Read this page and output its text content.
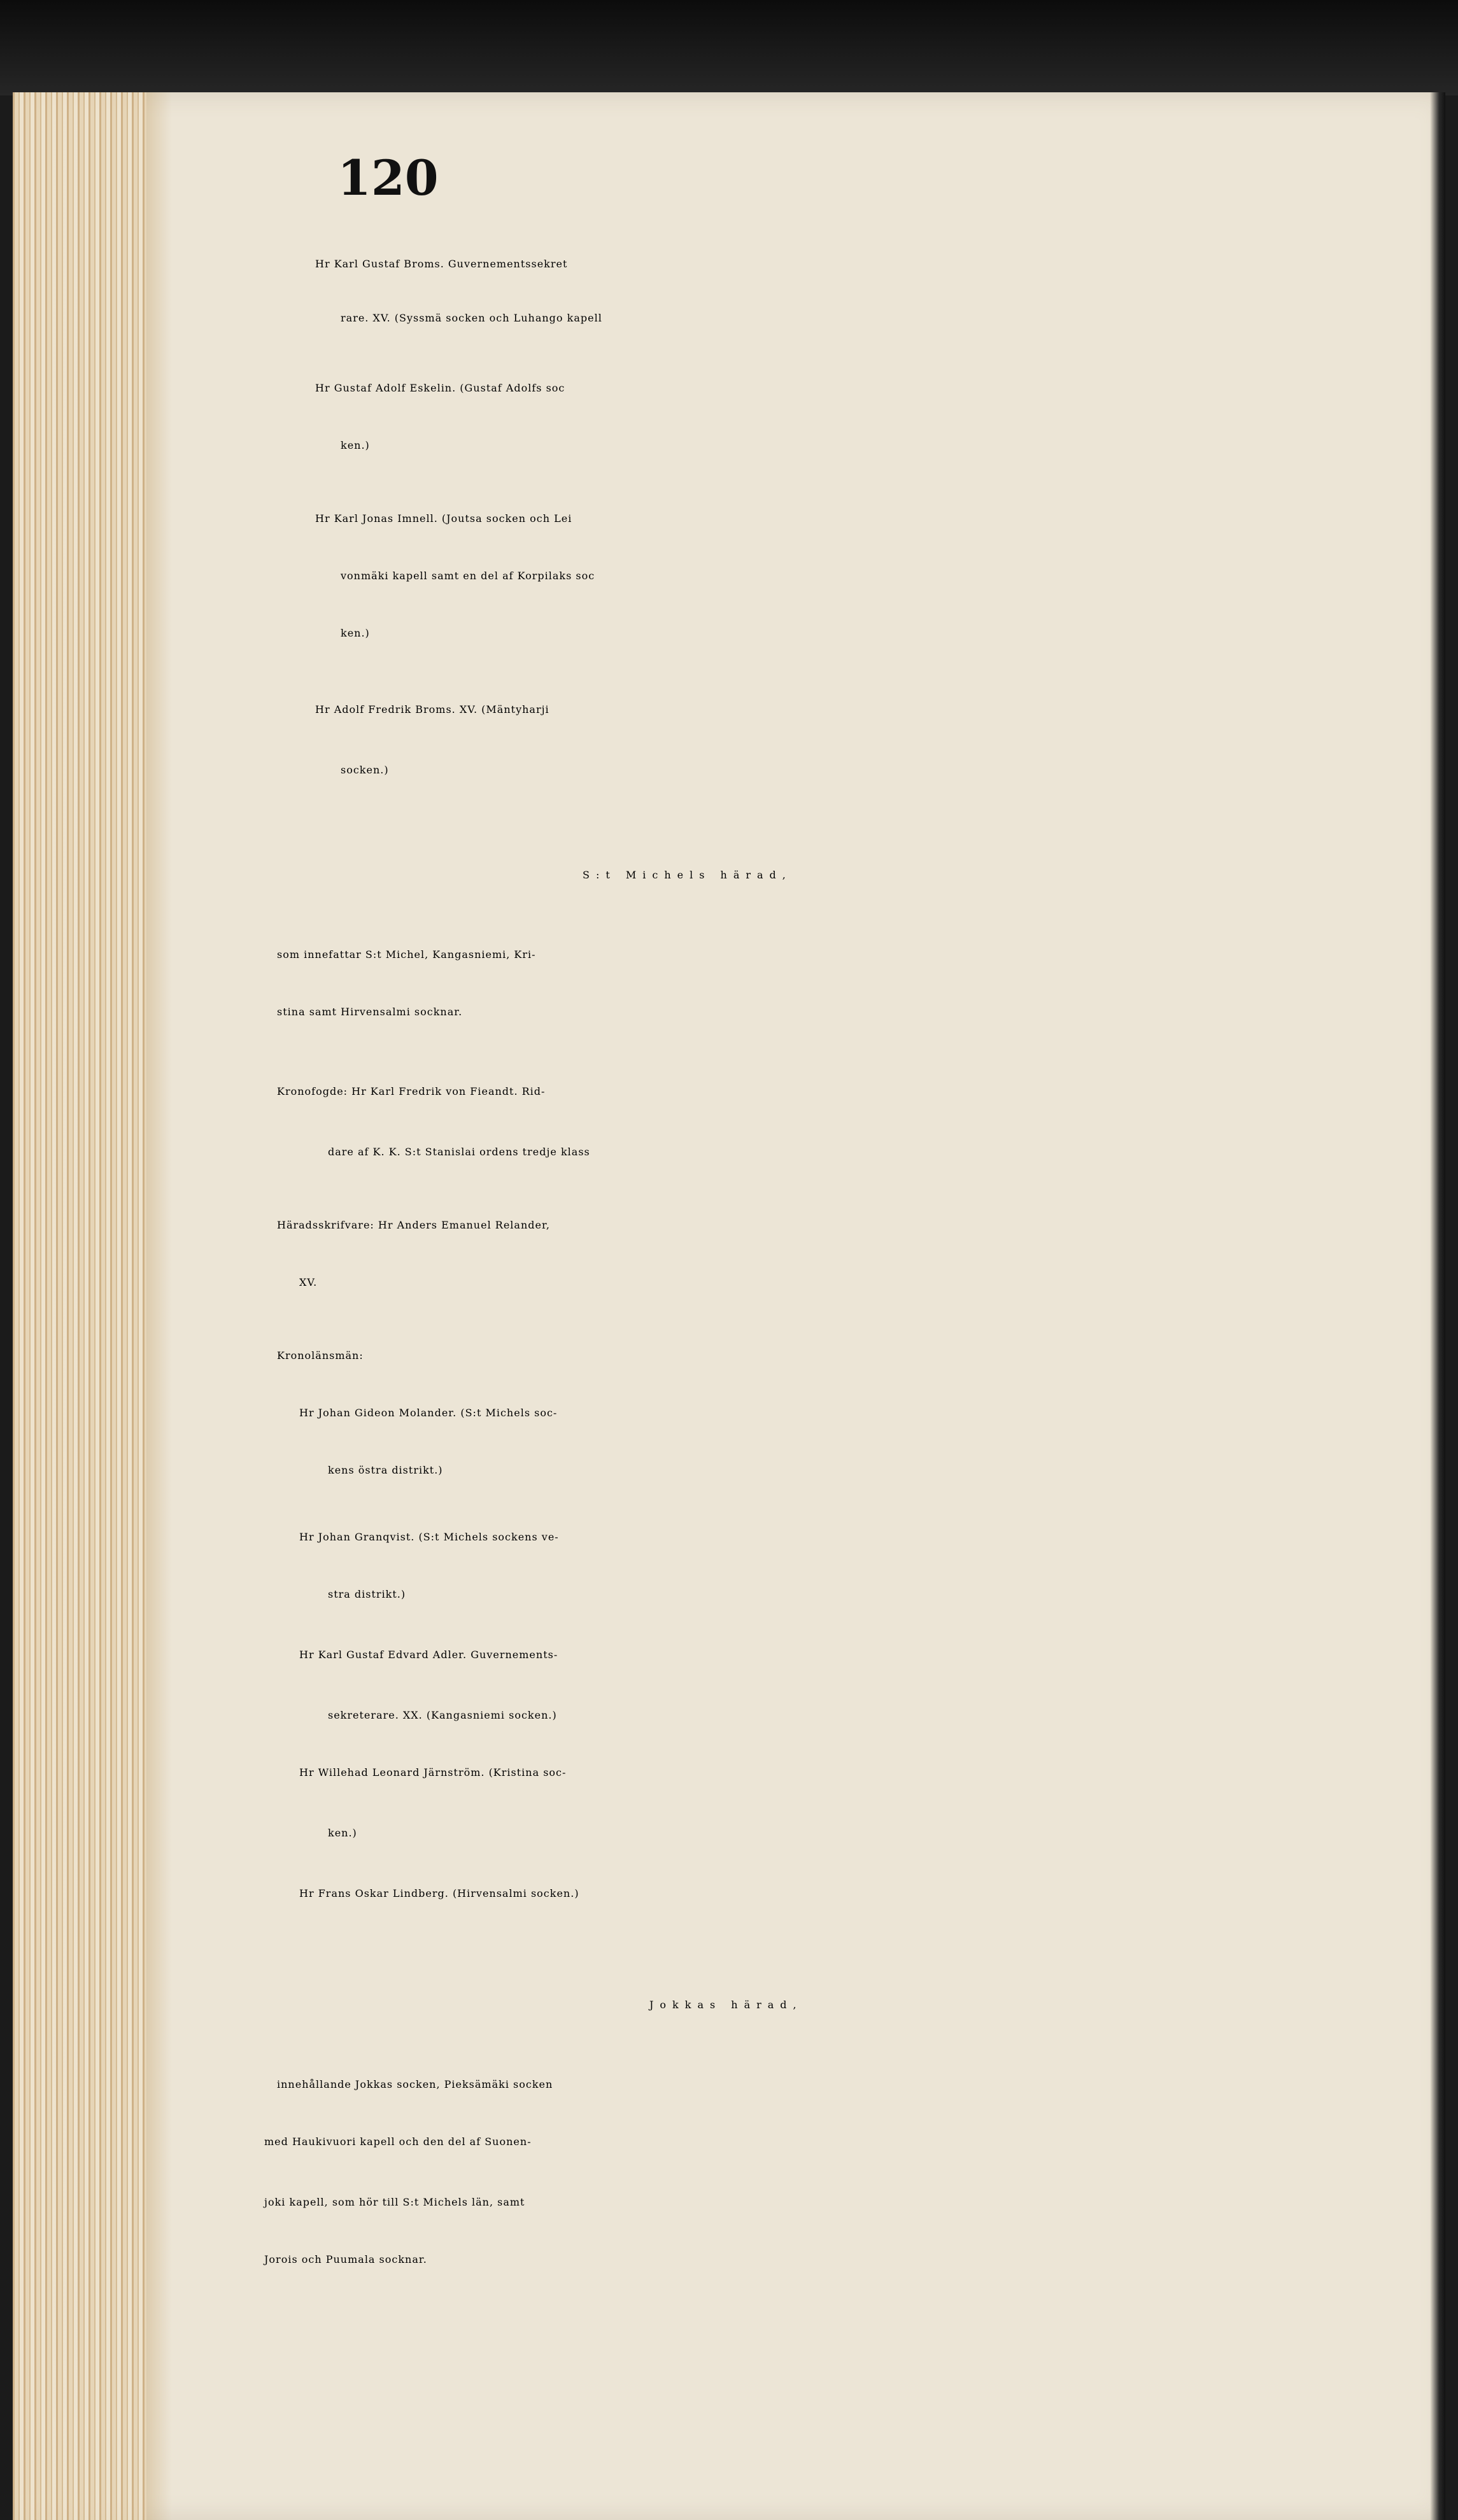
120
Hr Karl Gustaf Broms. Guvernementssekret
rare. XV. (Syssmä socken och Luhango kapell
Hr Gustaf Adolf Eskelin. (Gustaf Adolfs soc
ken.)
Hr Karl Jonas Imnell. (Joutsa socken och Lei
vonmäki kapell samt en del af Korpilaks soc
ken.)
Hr Adolf Fredrik Broms. XV. (Mäntyharji
socken.)
S:t Michels härad,
som innefattar S:t Michel, Kangasniemi, Kri-
stina samt Hirvensalmi socknar.
Kronofogde: Hr Karl Fredrik von Fieandt. Rid-
dare af K. K. S:t Stanislai ordens tredje klass
Häradsskrifvare: Hr Anders Emanuel Relander,
XV.
Kronolänsmän:
Hr Johan Gideon Molander. (S:t Michels soc-
kens östra distrikt.)
Hr Johan Granqvist. (S:t Michels sockens ve-
stra distrikt.)
Hr Karl Gustaf Edvard Adler. Guvernements-
sekreterare. XX. (Kangasniemi socken.)
Hr Willehad Leonard Järnström. (Kristina soc-
ken.)
Hr Frans Oskar Lindberg. (Hirvensalmi socken.)
Jokkas härad,
innehållande Jokkas socken, Pieksämäki socken
med Haukivuori kapell och den del af Suonen-
joki kapell, som hör till S:t Michels län, samt
Jorois och Puumala socknar.
